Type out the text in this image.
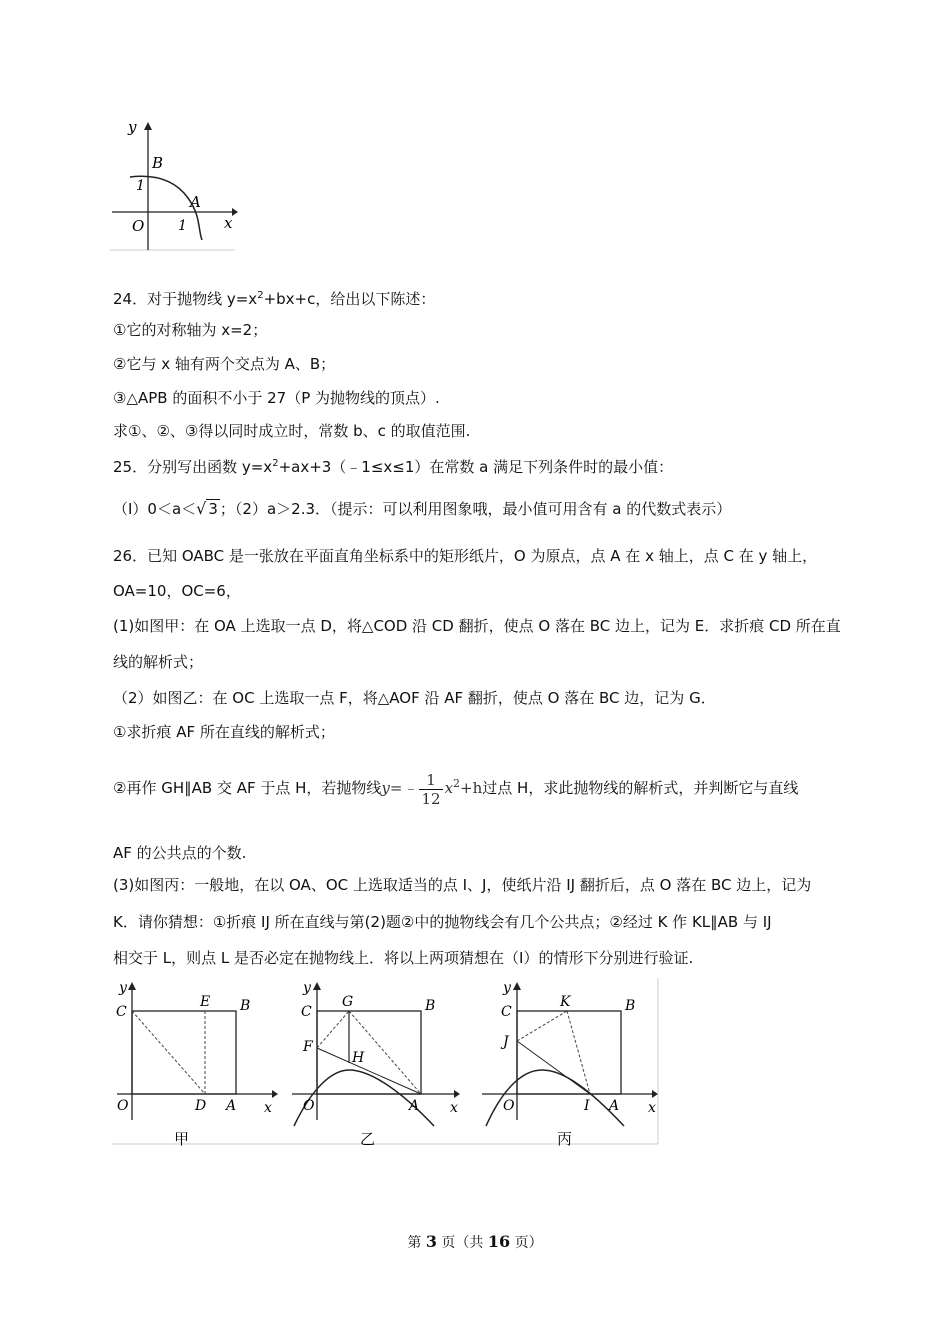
y
B
1
A
x
O 1
24．对于抛物线 $y=x^2+bx+c$，给出以下陈述：
①它的对称轴为 x=2；
②它与 x 轴有两个交点为 A、B；
③△APB 的面积不小于 27（P 为抛物线的顶点）.
求①、②、③得以同时成立时，常数 b、c 的取值范围.
25．分别写出函数 $y=x^2+ax+3(﹣1\le x\le 1)$在常数 a 满足下列条件时的最小值：
（I）0＜a＜√ 3 ；（2）a＞2.3．（提示：可以利用图象哦，最小值可用含有 a 的代数式表示）
26．已知 OABC 是一张放在平面直角坐标系中的矩形纸片，O 为原点，点 A 在 x 轴上，点 C 在 y 轴上，
OA=10，OC=6，
(1)如图甲：在 OA 上选取一点 D，将△COD 沿 CD 翻折，使点 O 落在 BC 边上，记为 E．求折痕 CD 所在直
线的解析式；
（2）如图乙：在 OC 上选取一点 F，将△AOF 沿 AF 翻折，使点 O 落在 BC 边，记为 G．
①求折痕 AF 所在直线的解析式；
②再作 GH∥AB 交 AF 于点 H，若抛物线y=﹣ $\frac{1}{12} x^2+h$过点 H，求此抛物线的解析式，并判断它与直线
AF 的公共点的个数.
(3)如图丙：一般地，在以 OA、OC 上选取适当的点 I、J，使纸片沿 IJ 翻折后，点 O 落在 BC 边上，记为
K．请你猜想：①折痕 IJ 所在直线与第(2)题②中的抛物线会有几个公共点；②经过 K 作 KL∥AB 与 IJ
相交于 L，则点 L 是否必定在抛物线上．将以上两项猜想在（I）的情形下分别进行验证.
y
C
E B
O	D A x
甲
y
C
G	B
F
H
O	A x
乙
y
C
K	B
J
O	I A x
丙
第 3 页（共 16 页）
